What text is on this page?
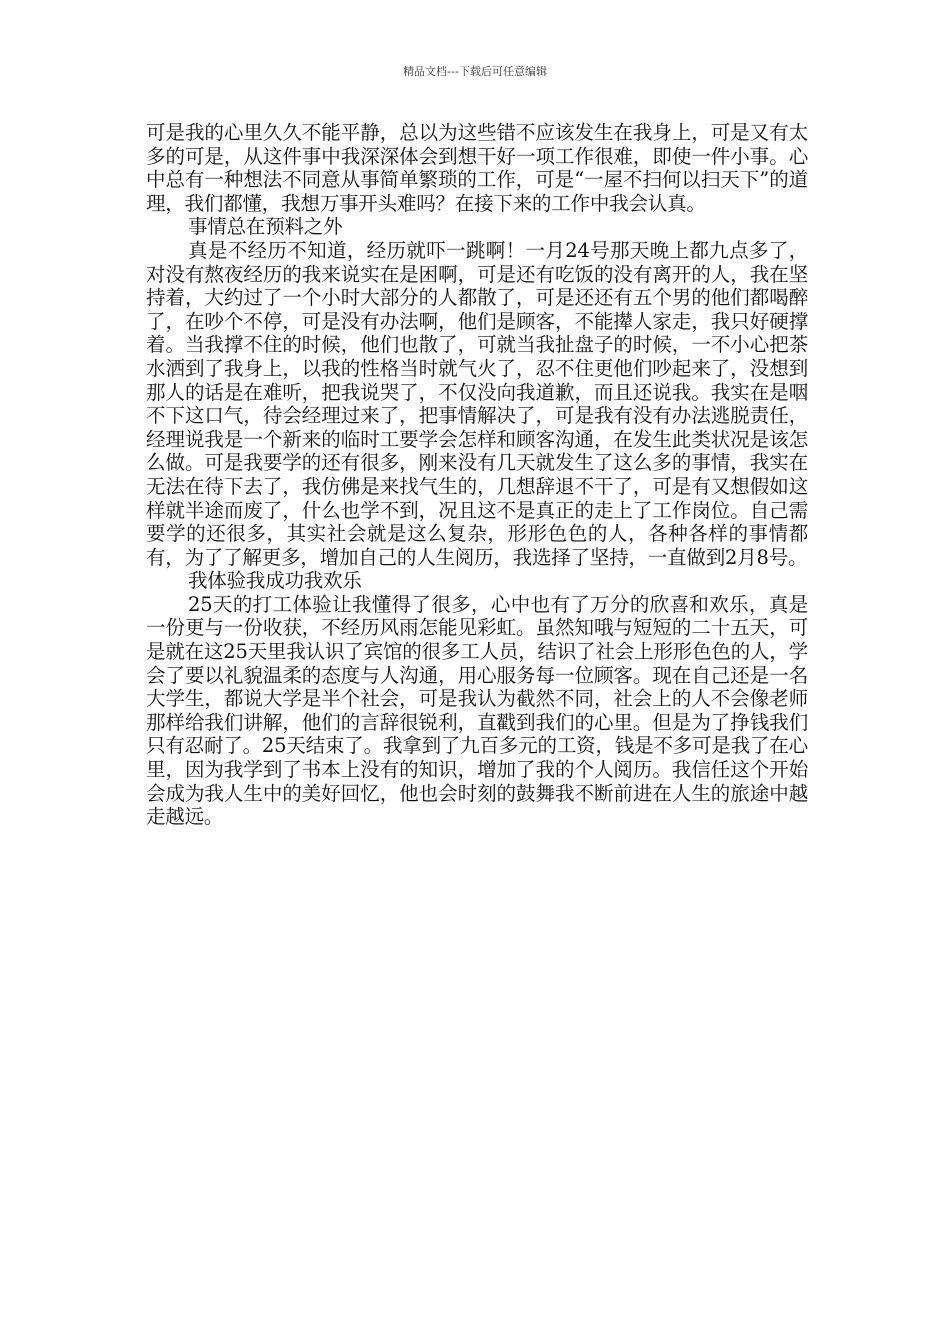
精品文档---下载后可任意编辑

可是我的心里久久不能平静，总以为这些错不应该发生在我身上，可是又有太多的可是，从这件事中我深深体会到想干好一项工作很难，即使一件小事。心中总有一种想法不同意从事简单繁琐的工作，可是“一屋不扫何以扫天下”的道理，我们都懂，我想万事开头难吗？在接下来的工作中我会认真。

事情总在预料之外

真是不经历不知道，经历就吓一跳啊！一月24号那天晚上都九点多了，对没有熬夜经历的我来说实在是困啊，可是还有吃饭的没有离开的人，我在坚持着，大约过了一个小时大部分的人都散了，可是还还有五个男的他们都喝醉了，在吵个不停，可是没有办法啊，他们是顾客，不能撵人家走，我只好硬撑着。当我撑不住的时候，他们也散了，可就当我扯盘子的时候，一不小心把茶水洒到了我身上，以我的性格当时就气火了，忍不住更他们吵起来了，没想到那人的话是在难听，把我说哭了，不仅没向我道歉，而且还说我。我实在是咽不下这口气，待会经理过来了，把事情解决了，可是我有没有办法逃脱责任，经理说我是一个新来的临时工要学会怎样和顾客沟通，在发生此类状况是该怎么做。可是我要学的还有很多，刚来没有几天就发生了这么多的事情，我实在无法在待下去了，我仿佛是来找气生的，几想辞退不干了，可是有又想假如这样就半途而废了，什么也学不到，况且这不是真正的走上了工作岗位。自己需要学的还很多，其实社会就是这么复杂，形形色色的人，各种各样的事情都有，为了了解更多，增加自己的人生阅历，我选择了坚持，一直做到2月8号。

我体验我成功我欢乐

25天的打工体验让我懂得了很多，心中也有了万分的欣喜和欢乐，真是一份更与一份收获，不经历风雨怎能见彩虹。虽然知哦与短短的二十五天，可是就在这25天里我认识了宾馆的很多工人员，结识了社会上形形色色的人，学会了要以礼貌温柔的态度与人沟通，用心服务每一位顾客。现在自己还是一名大学生，都说大学是半个社会，可是我认为截然不同，社会上的人不会像老师那样给我们讲解，他们的言辞很锐利，直戳到我们的心里。但是为了挣钱我们只有忍耐了。25天结束了。我拿到了九百多元的工资，钱是不多可是我了在心里，因为我学到了书本上没有的知识，增加了我的个人阅历。我信任这个开始会成为我人生中的美好回忆，他也会时刻的鼓舞我不断前进在人生的旅途中越走越远。
